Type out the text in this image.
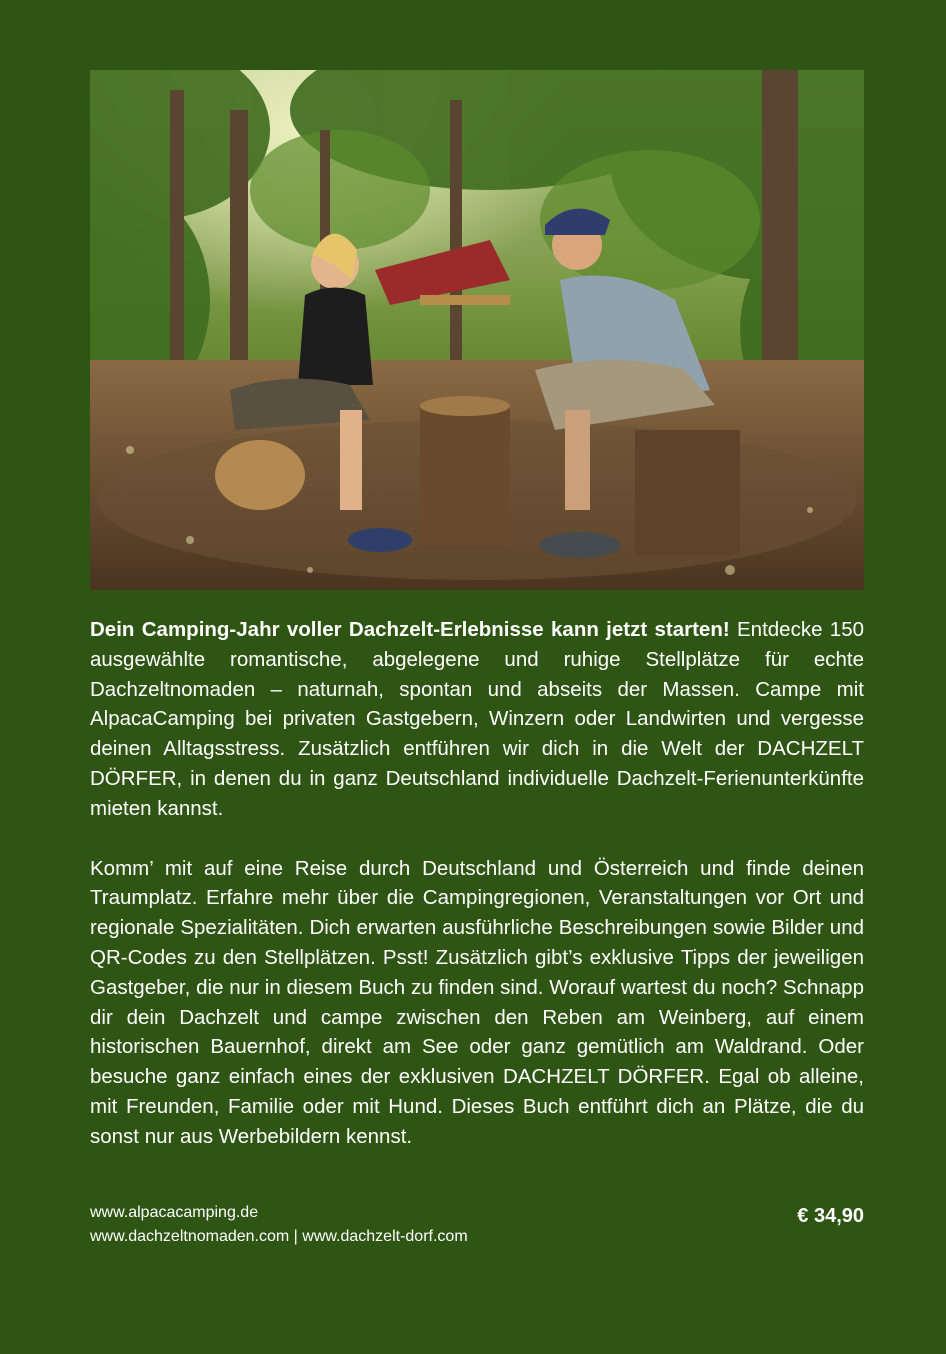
Dein Camping-Jahr voller Dachzelt-Erlebnisse kann jetzt starten! Entdecke 150 ausgewählte romantische, abgelegene und ruhige Stellplätze für echte Dachzeltnomaden – naturnah, spontan und abseits der Massen. Campe mit AlpacaCamping bei privaten Gastgebern, Winzern oder Landwirten und vergesse deinen Alltagsstress. Zusätzlich entführen wir dich in die Welt der DACHZELT DÖRFER, in denen du in ganz Deutschland individuelle Dachzelt-Ferienunterkünfte mieten kannst.

Komm’ mit auf eine Reise durch Deutschland und Österreich und finde deinen Traumplatz. Erfahre mehr über die Campingregionen, Veranstaltungen vor Ort und regionale Spezialitäten. Dich erwarten ausführliche Beschreibungen sowie Bilder und QR-Codes zu den Stellplätzen. Psst! Zusätzlich gibt’s exklusive Tipps der jeweiligen Gastgeber, die nur in diesem Buch zu finden sind. Worauf wartest du noch? Schnapp dir dein Dachzelt und campe zwischen den Reben am Weinberg, auf einem historischen Bauernhof, direkt am See oder ganz gemütlich am Waldrand. Oder besuche ganz einfach eines der exklusiven DACHZELT DÖRFER. Egal ob alleine, mit Freunden, Familie oder mit Hund. Dieses Buch entführt dich an Plätze, die du sonst nur aus Werbebildern kennst.

www.alpacacamping.de
www.dachzeltnomaden.com | www.dachzelt-dorf.com
€ 34,90
